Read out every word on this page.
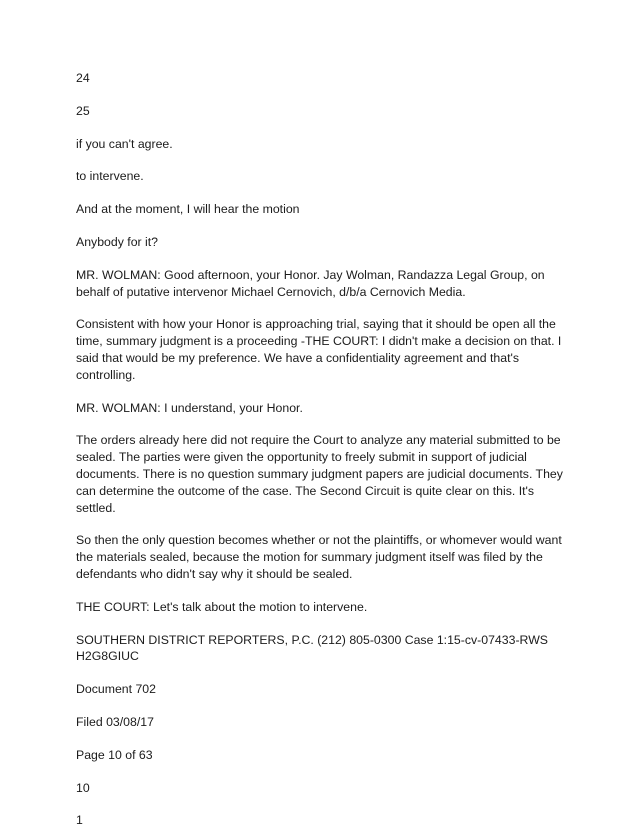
24

25

if you can't agree.

to intervene.

And at the moment, I will hear the motion

Anybody for it?

MR. WOLMAN: Good afternoon, your Honor. Jay Wolman, Randazza Legal Group, on behalf of putative intervenor Michael Cernovich, d/b/a Cernovich Media.

Consistent with how your Honor is approaching trial, saying that it should be open all the time, summary judgment is a proceeding -THE COURT: I didn't make a decision on that. I said that would be my preference. We have a confidentiality agreement and that's controlling.

MR. WOLMAN: I understand, your Honor.

The orders already here did not require the Court to analyze any material submitted to be sealed. The parties were given the opportunity to freely submit in support of judicial documents. There is no question summary judgment papers are judicial documents. They can determine the outcome of the case. The Second Circuit is quite clear on this. It's settled.

So then the only question becomes whether or not the plaintiffs, or whomever would want the materials sealed, because the motion for summary judgment itself was filed by the defendants who didn't say why it should be sealed.

THE COURT: Let's talk about the motion to intervene.

SOUTHERN DISTRICT REPORTERS, P.C. (212) 805-0300 Case 1:15-cv-07433-RWS H2G8GIUC

Document 702

Filed 03/08/17

Page 10 of 63

10

1
